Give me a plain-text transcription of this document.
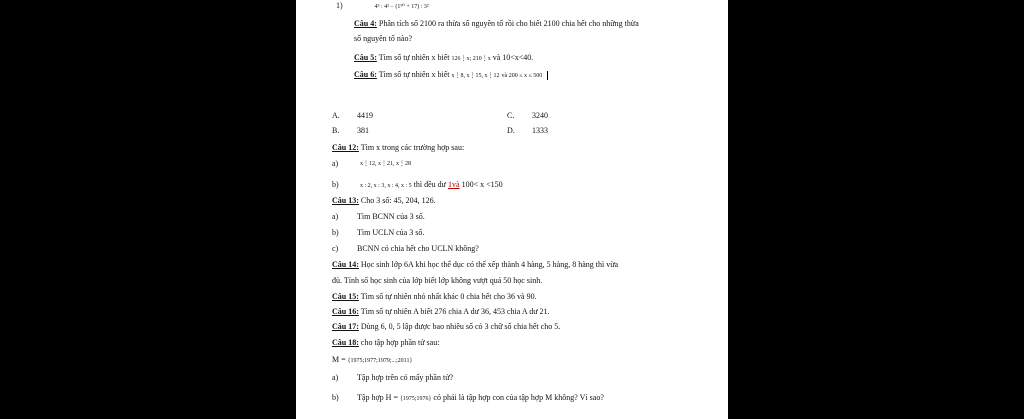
1)	4³ : 4² − (1⁹⁰ + 17) : 3²
Câu 4: Phân tích số 2100 ra thừa số nguyên tố rồi cho biết 2100 chia hết cho những thừa
số nguyên tố nào?
Câu 5: Tìm số tự nhiên x biết 126⋮x; 210⋮x và 10<x<40.
Câu 6: Tìm số tự nhiên x biết x⋮8, x⋮15, x⋮12 và 200 ≤ x ≤ 500
A. 4419	C. 3240
B. 381	D. 1333
Câu 12: Tìm x trong các trường hợp sau:
a)	x⋮12, x⋮21, x⋮28
b)	x : 2, x : 3, x : 4, x : 5 thì đều dư 1và 100< x <150
Câu 13: Cho 3 số: 45, 204, 126.
a) Tìm BCNN của 3 số.
b) Tìm UCLN của 3 số.
c) BCNN có chia hết cho UCLN không?
Câu 14: Học sinh lớp 6A khi học thể dục có thể xếp thành 4 hàng, 5 hàng, 8 hàng thì vừa
đủ. Tính số học sinh của lớp biết lớp không vượt quá 50 học sinh.
Câu 15: Tìm số tự nhiên nhỏ nhất khác 0 chia hết cho 36 và 90.
Câu 16: Tìm số tự nhiên A biết 276 chia A dư 36, 453 chia A dư 21.
Câu 17: Dùng 6, 0, 5 lập được bao nhiêu số có 3 chữ số chia hết cho 5.
Câu 18: cho tập hợp phần tử sau:
M = {1975;1977;1979;...;2011}
a) Tập hợp trên có mấy phần tử?
b) Tập hợp H = {1975;1976} có phải là tập hợp con của tập hợp M không? Vì sao?
